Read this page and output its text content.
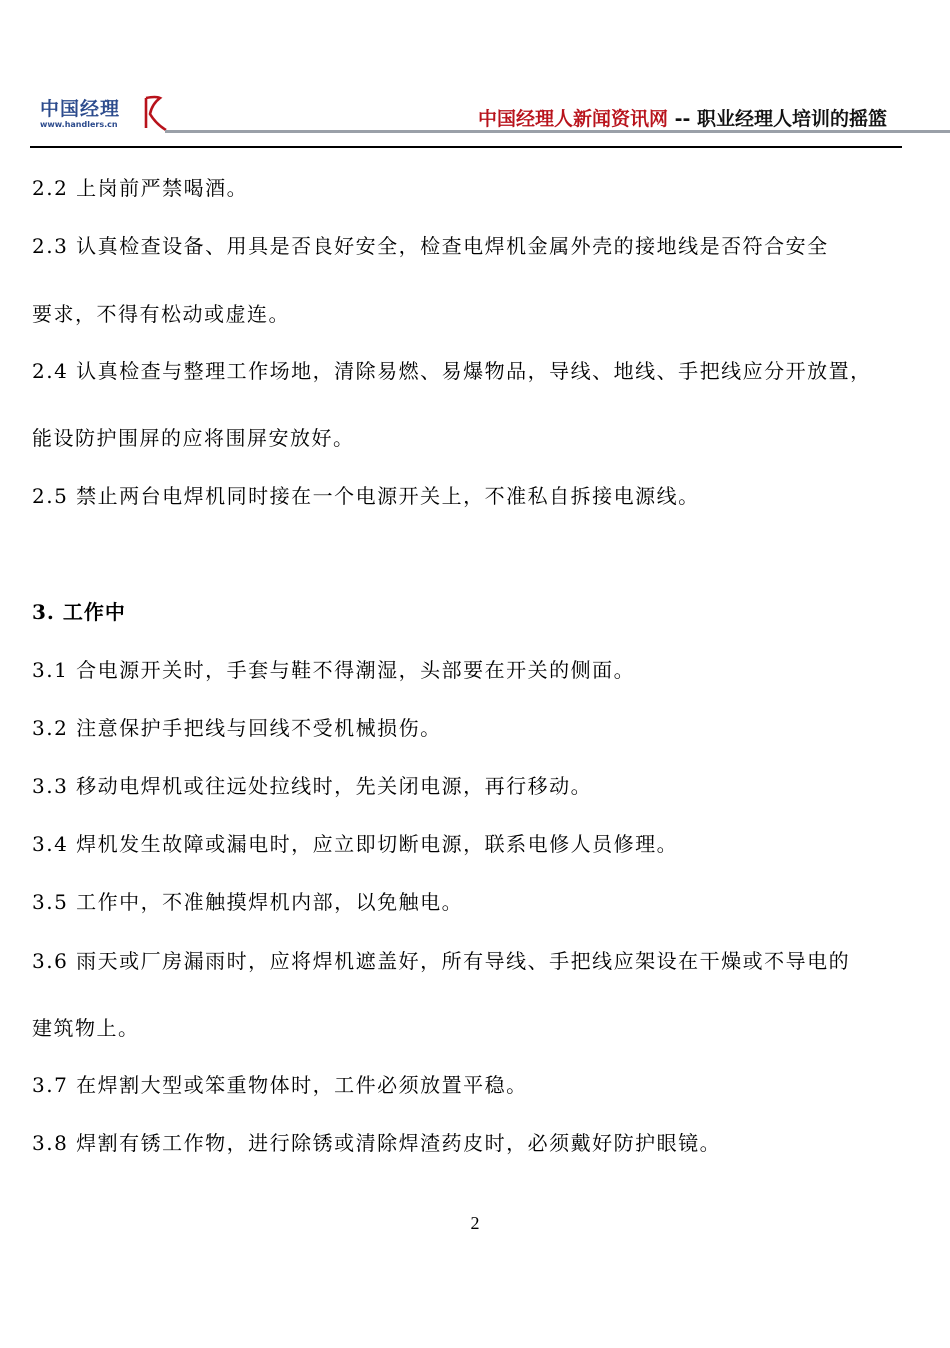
中国经理
www.handlers.cn	中国经理人新闻资讯网 -- 职业经理人培训的摇篮
2.2 上岗前严禁喝酒。
2.3 认真检查设备、用具是否良好安全，检查电焊机金属外壳的接地线是否符合安全
要求，不得有松动或虚连。
2.4 认真检查与整理工作场地，清除易燃、易爆物品，导线、地线、手把线应分开放置，
能设防护围屏的应将围屏安放好。
2.5 禁止两台电焊机同时接在一个电源开关上，不准私自拆接电源线。
3. 工作中
3.1 合电源开关时，手套与鞋不得潮湿，头部要在开关的侧面。
3.2 注意保护手把线与回线不受机械损伤。
3.3 移动电焊机或往远处拉线时，先关闭电源，再行移动。
3.4 焊机发生故障或漏电时，应立即切断电源，联系电修人员修理。
3.5 工作中，不准触摸焊机内部，以免触电。
3.6 雨天或厂房漏雨时，应将焊机遮盖好，所有导线、手把线应架设在干燥或不导电的
建筑物上。
3.7 在焊割大型或笨重物体时，工件必须放置平稳。
3.8 焊割有锈工作物，进行除锈或清除焊渣药皮时，必须戴好防护眼镜。
2
